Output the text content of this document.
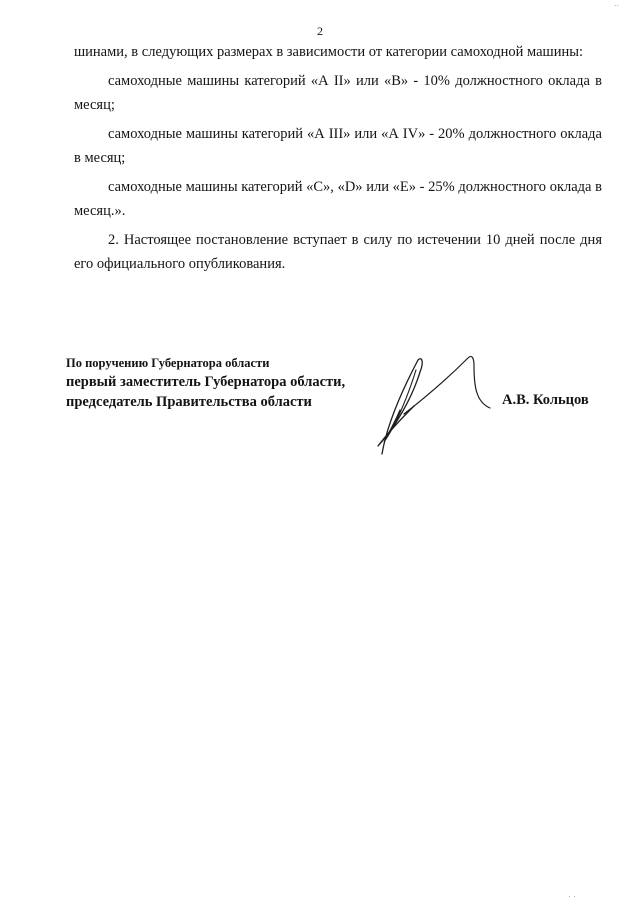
..
2

шинами, в следующих размерах в зависимости от категории самоходной машины:

самоходные машины категорий «А II» или «В» - 10% должностного оклада в месяц;

самоходные машины категорий «А III» или «А IV» - 20% должностного оклада в месяц;

самоходные машины категорий «С», «D» или «Е» - 25% должностного оклада в месяц.».

2. Настоящее постановление вступает в силу по истечении 10 дней после дня его официального опубликования.

По поручению Губернатора области

первый заместитель Губернатора области,

председатель Правительства области	А.В. Кольцов

. .
